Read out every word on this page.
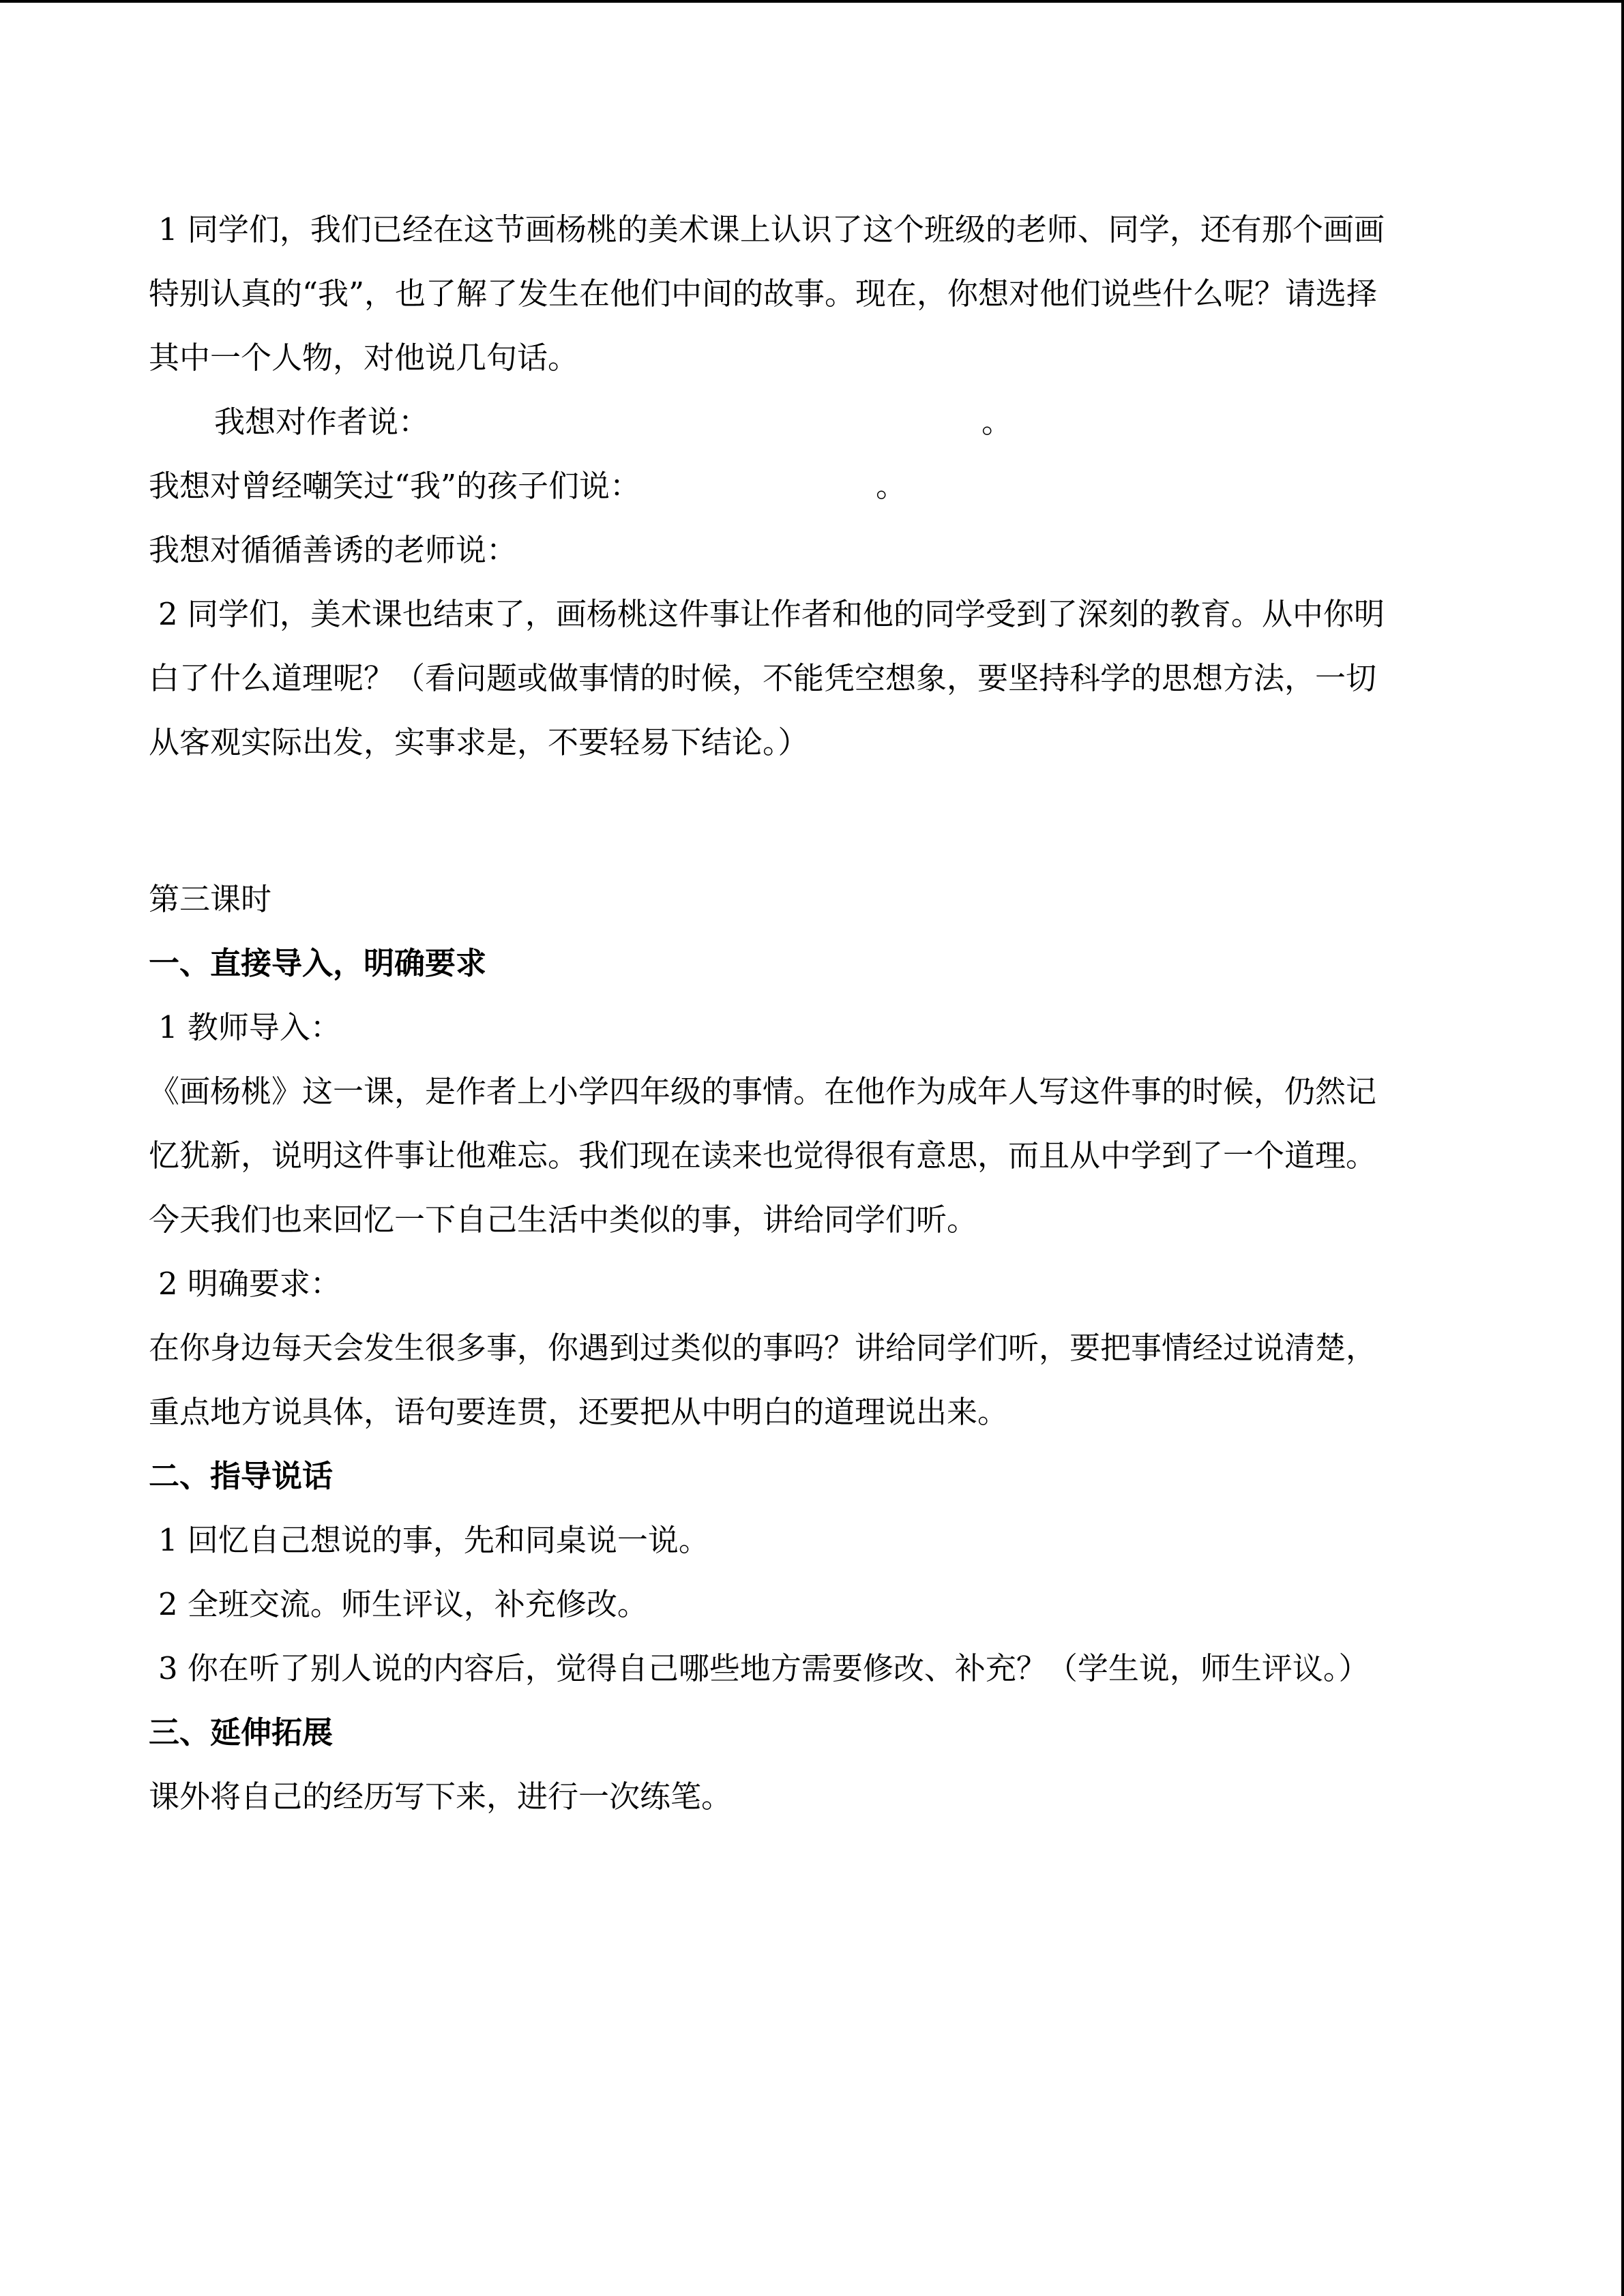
1 同学们，我们已经在这节画杨桃的美术课上认识了这个班级的老师、同学，还有那个画画
特别认真的“我”，也了解了发生在他们中间的故事。现在，你想对他们说些什么呢？请选择
其中一个人物，对他说几句话。
我想对作者说：	。
我想对曾经嘲笑过“我”的孩子们说：	。
我想对循循善诱的老师说：
2 同学们，美术课也结束了，画杨桃这件事让作者和他的同学受到了深刻的教育。从中你明
白了什么道理呢？（看问题或做事情的时候，不能凭空想象，要坚持科学的思想方法，一切
从客观实际出发，实事求是，不要轻易下结论。）
第三课时
一、直接导入，明确要求
1 教师导入：
《画杨桃》这一课，是作者上小学四年级的事情。在他作为成年人写这件事的时候，仍然记
忆犹新，说明这件事让他难忘。我们现在读来也觉得很有意思，而且从中学到了一个道理。
今天我们也来回忆一下自己生活中类似的事，讲给同学们听。
2 明确要求：
在你身边每天会发生很多事，你遇到过类似的事吗？讲给同学们听，要把事情经过说清楚，
重点地方说具体，语句要连贯，还要把从中明白的道理说出来。
二、指导说话
1 回忆自己想说的事，先和同桌说一说。
2 全班交流。师生评议，补充修改。
3 你在听了别人说的内容后，觉得自己哪些地方需要修改、补充？（学生说，师生评议。）
三、延伸拓展
课外将自己的经历写下来，进行一次练笔。
